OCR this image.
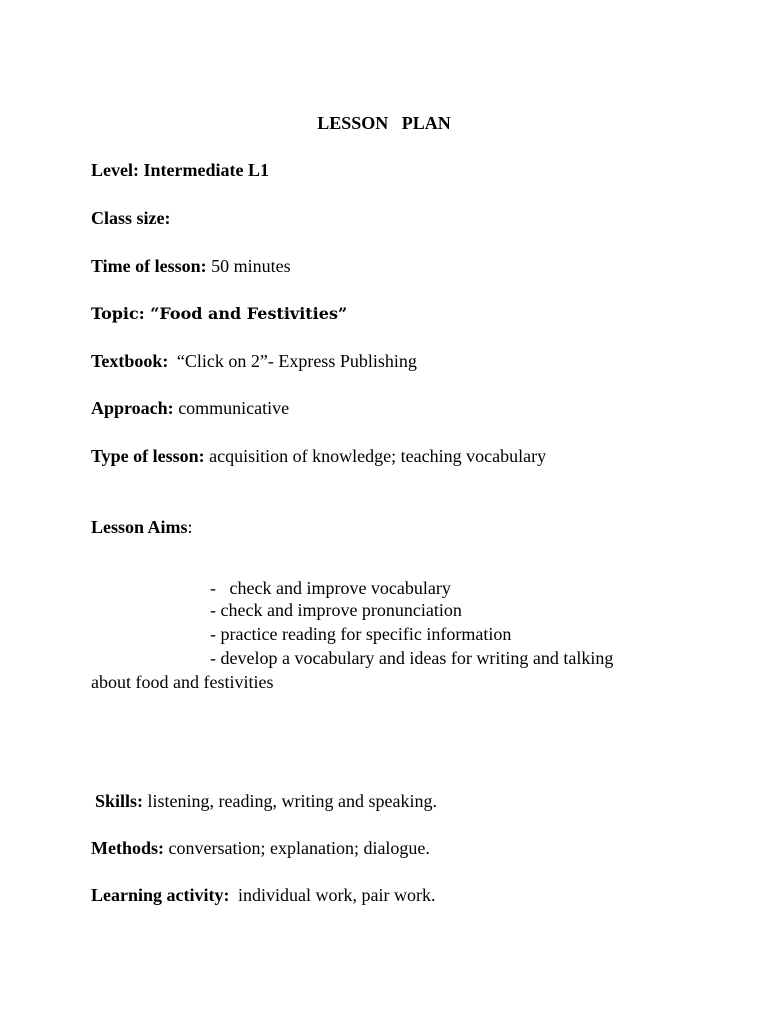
LESSON   PLAN
Level: Intermediate L1
Class size:
Time of lesson: 50 minutes
Topic: “Food and Festivities”
Textbook: “Click on 2”- Express Publishing
Approach: communicative
Type of lesson: acquisition of knowledge; teaching vocabulary
Lesson Aims:
-   check and improve vocabulary
- check and improve pronunciation
- practice reading for specific information
- develop a vocabulary and ideas for writing and talking
about food and festivities
Skills: listening, reading, writing and speaking.
Methods: conversation; explanation; dialogue.
Learning activity: individual work, pair work.
